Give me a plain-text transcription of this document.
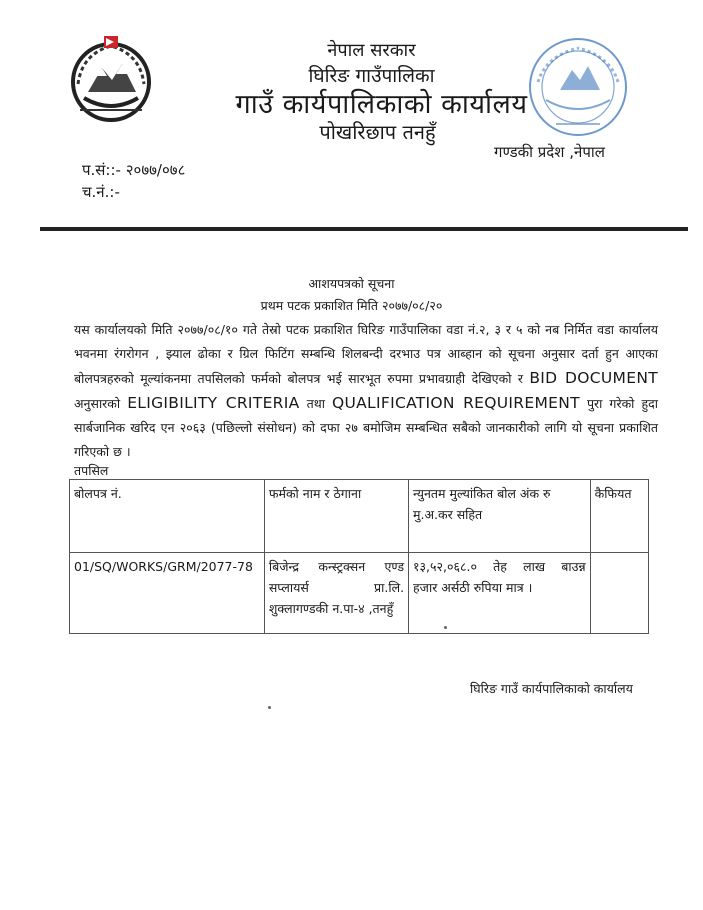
नेपाल सरकार
घिरिङ गाउँपालिका
गाउँ कार्यपालिकाको कार्यालय
पोखरिछाप तनहुँ
गण्डकी प्रदेश ,नेपाल
प.सं::- २०७७/०७८
च.नं.:-
आशयपत्रको सूचना
प्रथम पटक प्रकाशित मिति २०७७/०८/२०
यस कार्यालयको मिति २०७७/०८/१० गते तेस्रो पटक प्रकाशित घिरिङ गाउँपालिका वडा नं.२, ३ र ५ को नब निर्मित वडा कार्यालय भवनमा रंगरोगन , झ्याल ढोका र ग्रिल फिटिंग सम्बन्धि शिलबन्दी दरभाउ पत्र आब्हान को सूचना अनुसार दर्ता हुन आएका बोलपत्रहरुको मूल्यांकनमा तपसिलको फर्मको बोलपत्र भई सारभूत रुपमा प्रभावग्राही देखिएको र BID DOCUMENT अनुसारको ELIGIBILITY CRITERIA तथा QUALIFICATION REQUIREMENT पुरा गरेको हुदा सार्बजानिक खरिद एन २०६३ (पछिल्लो संसोधन) को दफा २७ बमोजिम सम्बन्धित सबैको जानकारीको लागि यो सूचना प्रकाशित गरिएको छ ।
तपसिल
बोलपत्र नं.	फर्मको नाम र ठेगाना	न्युनतम मुल्यांकित बोल अंक रु मु.अ.कर सहित	कैफियत
01/SQ/WORKS/GRM/2077-78	बिजेन्द्र कन्स्ट्रक्सन एण्ड
सप्लायर्स प्रा.लि.
शुक्लागण्डकी न.पा-४ ,तनहुँ	१३,५२,०६८.० तेह लाख बाउन्न
हजार अर्सठी रुपिया मात्र ।	
घिरिङ गाउँ कार्यपालिकाको कार्यालय
